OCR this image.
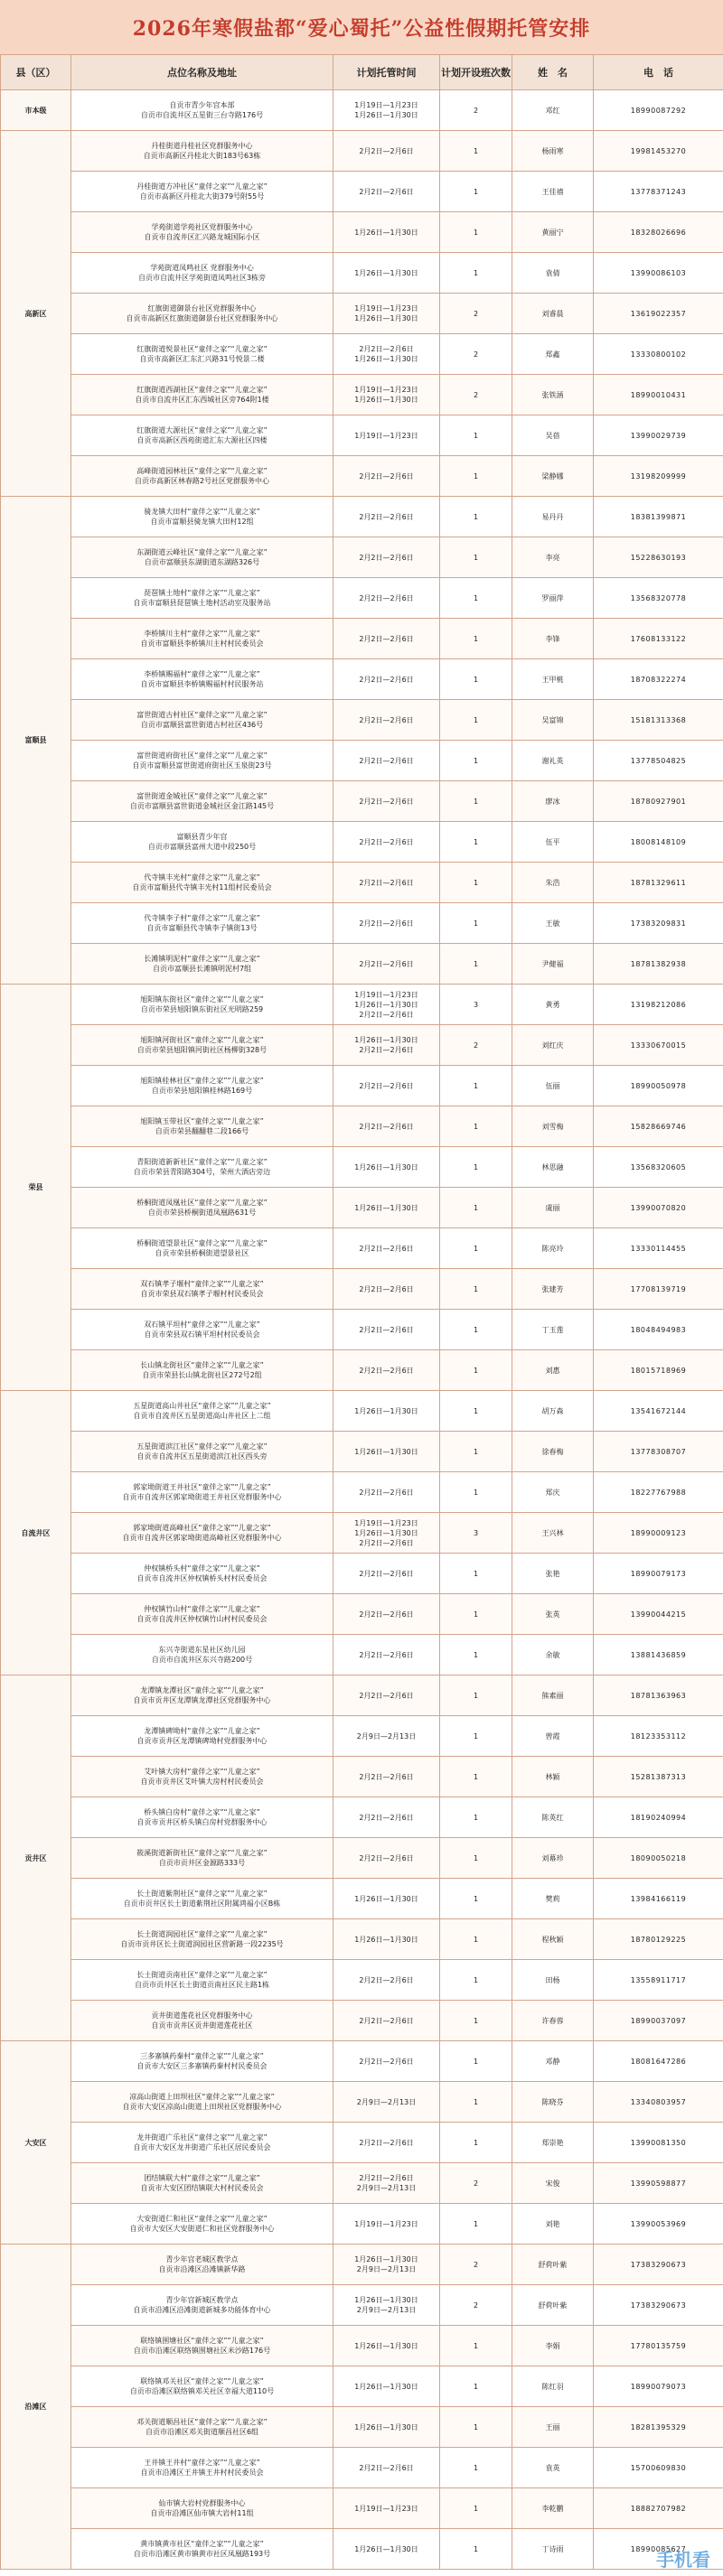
2026年寒假盐都“爱心蜀托”公益性假期托管安排
县（区）	点位名称及地址	计划托管时间	计划开设班次数	姓　名	电　话
市本级	自贡市青少年宫本部
自贡市自流井区五星街三台寺路176号	1月19日—1月23日
1月26日—1月30日	2	邓红	18990087292
高新区	丹桂街道丹桂社区党群服务中心
自贡市高新区丹桂北大街183号63栋	2月2日—2月6日	1	杨雨寒	19981453270
	丹桂街道方冲社区“童伴之家”“儿童之家”
自贡市高新区丹桂北大街379号附55号	2月2日—2月6日	1	王佳禧	13778371243
	学苑街道学苑社区党群服务中心
自贡市自流井区汇兴路龙城国际小区	1月26日—1月30日	1	黄丽宁	18328026696
	学苑街道凤鸣社区 党群服务中心
自贡市自流井区学苑街道凤鸣社区3栋旁	1月26日—1月30日	1	袁倩	13990086103
	红旗街道御景台社区党群服务中心
自贡市高新区红旗街道御景台社区党群服务中心	1月19日—1月23日
1月26日—1月30日	2	刘睿晨	13619022357
	红旗街道悦景社区“童伴之家”“儿童之家”
自贡市高新区汇东汇兴路31号悦景二楼	2月2日—2月6日
1月26日—1月30日	2	郑鑫	13330800102
	红旗街道西湖社区“童伴之家”“儿童之家”
自贡市自流井区汇东西城社区旁764附1楼	1月19日—1月23日
1月26日—1月30日	2	张铁涵	18990010431
	红旗街道大源社区“童伴之家”“儿童之家”
自贡市高新区西苑街道汇东大源社区四楼	1月19日—1月23日	1	吴蓓	13990029739
	高峰街道园林社区“童伴之家”“儿童之家”
自贡市高新区林春路2号社区党群服务中心	2月2日—2月6日	1	梁静娜	13198209999
富顺县	骑龙镇大田村“童伴之家”“儿童之家”
自贡市富顺县骑龙镇大田村12组	2月2日—2月6日	1	易丹丹	18381399871
	东湖街道云峰社区“童伴之家”“儿童之家”
自贡市富顺县东湖街道东湖路326号	2月2日—2月6日	1	李亮	15228630193
	琵琶镇土地村“童伴之家”“儿童之家”
自贡市富顺县琵琶镇土地村活动室及服务站	2月2日—2月6日	1	罗丽萍	13568320778
	李桥镇川主村“童伴之家”“儿童之家”
自贡市富顺县李桥镇川主村村民委员会	2月2日—2月6日	1	李锋	17608133122
	李桥镇赐福村“童伴之家”“儿童之家”
自贡市富顺县李桥镇赐福村村民服务站	2月2日—2月6日	1	王甲桃	18708322274
	富世街道古村社区“童伴之家”“儿童之家”
自贡市富顺县富世街道古村社区436号	2月2日—2月6日	1	吴富锦	15181313368
	富世街道府街社区“童伴之家”“儿童之家”
自贡市富顺县富世街道府街社区玉泉街23号	2月2日—2月6日	1	谢礼英	13778504825
	富世街道金城社区“童伴之家”“儿童之家”
自贡市富顺县富世街道金城社区金江路145号	2月2日—2月6日	1	廖冰	18780927901
	富顺县青少年宫
自贡市富顺县富州大道中段250号	2月2日—2月6日	1	伍平	18008148109
	代寺镇丰光村“童伴之家”“儿童之家”
自贡市富顺县代寺镇丰光村11组村民委员会	2月2日—2月6日	1	朱浩	18781329611
	代寺镇李子村“童伴之家”“儿童之家”
自贡市富顺县代寺镇李子镇街13号	2月2日—2月6日	1	王敏	17383209831
	长滩镇明泥村“童伴之家”“儿童之家”
自贡市富顺县长滩镇明泥村7组	2月2日—2月6日	1	尹健福	18781382938
荣县	旭阳镇东街社区“童伴之家”“儿童之家”
自贡市荣县旭阳镇东街社区光明路259	1月19日—1月23日
1月26日—1月30日
2月2日—2月6日	3	黄勇	13198212086
	旭阳镇河街社区“童伴之家”“儿童之家”
自贡市荣县旭阳镇河街社区杨柳街328号	1月26日—1月30日
2月2日—2月6日	2	刘红庆	13330670015
	旭阳镇桂林社区“童伴之家”“儿童之家”
自贡市荣县旭阳镇桂林路169号	2月2日—2月6日	1	伍丽	18990050978
	旭阳镇玉带社区“童伴之家”“儿童之家”
自贡市荣县翻翻巷二段166号	2月2日—2月6日	1	刘雪梅	15828669746
	青阳街道新新社区“童伴之家”“儿童之家”
自贡市荣县青阳路304号，荣州大酒店旁边	1月26日—1月30日	1	林思融	13568320605
	桥桐街道凤凰社区“童伴之家”“儿童之家”
自贡市荣县桥桐街道凤凰路631号	1月26日—1月30日	1	虞丽	13990070820
	桥桐街道望景社区“童伴之家”“儿童之家”
自贡市荣县桥桐街道望景社区	2月2日—2月6日	1	陈亮玲	13330114455
	双石镇孝子堰村“童伴之家”“儿童之家”
自贡市荣县双石镇孝子堰村村民委员会	2月2日—2月6日	1	张建芳	17708139719
	双石镇平坦村“童伴之家”“儿童之家”
自贡市荣县双石镇平坦村村民委员会	2月2日—2月6日	1	丁玉莲	18048494983
	长山镇北街社区“童伴之家”“儿童之家”
自贡市荣县长山镇北街社区272号2组	2月2日—2月6日	1	刘惠	18015718969
自流井区	五星街道高山井社区“童伴之家”“儿童之家”
自贡市自流井区五星街道高山井社区上二组	1月26日—1月30日	1	胡万森	13541672144
	五星街道滨江社区“童伴之家”“儿童之家”
自贡市自流井区五星街道滨江社区西头旁	1月26日—1月30日	1	徐春梅	13778308707
	郭家坳街道王井社区“童伴之家”“儿童之家”
自贡市自流井区郭家坳街道王井社区党群服务中心	2月2日—2月6日	1	郑庆	18227767988
	郭家坳街道高峰社区“童伴之家”“儿童之家”
自贡市自流井区郭家坳街道高峰社区党群服务中心	1月19日—1月23日
1月26日—1月30日
2月2日—2月6日	3	王兴林	18990009123
	仲权镇桥头村“童伴之家”“儿童之家”
自贡市自流井区仲权镇桥头村村民委员会	2月2日—2月6日	1	张艳	18990079173
	仲权镇竹山村“童伴之家”“儿童之家”
自贡市自流井区仲权镇竹山村村民委员会	2月2日—2月6日	1	张英	13990044215
	东兴寺街道东星社区幼儿园
自贡市自流井区东兴寺路200号	2月2日—2月6日	1	余敏	13881436859
贡井区	龙潭镇龙潭社区“童伴之家”“儿童之家”
自贡市贡井区龙潭镇龙潭社区党群服务中心	2月2日—2月6日	1	熊素丽	18781363963
	龙潭镇碑坳村“童伴之家”“儿童之家”
自贡市贡井区龙潭镇碑坳村党群服务中心	2月9日—2月13日	1	曾霞	18123353112
	艾叶镇大房村“童伴之家”“儿童之家”
自贡市贡井区艾叶镇大房村村民委员会	2月2日—2月6日	1	林颖	15281387313
	桥头镇白房村“童伴之家”“儿童之家”
自贡市贡井区桥头镇白房村党群服务中心	2月2日—2月6日	1	陈英红	18190240994
	筱溪街道新街社区“童伴之家”“儿童之家”
自贡市贡井区金源路333号	2月2日—2月6日	1	刘幕珍	18090050218
	长土街道紫荆社区“童伴之家”“儿童之家”
自贡市贡井区长土街道紫荆社区附属鸿福小区B栋	1月26日—1月30日	1	樊莉	13984166119
	长土街道润园社区“童伴之家”“儿童之家”
自贡市贡井区长土街道润园社区营新路一段2235号	1月26日—1月30日	1	程秋颖	18780129225
	长土街道贡南社区“童伴之家”“儿童之家”
自贡市贡井区长土街道贡南社区民主路1栋	2月2日—2月6日	1	田杨	13558911717
	贡井街道莲花社区党群服务中心
自贡市贡井区贡井街道莲花社区	2月2日—2月6日	1	许春蓉	18990037097
大安区	三多寨镇药秦村“童伴之家”“儿童之家”
自贡市大安区三多寨镇药秦村村民委员会	2月2日—2月6日	1	邓静	18081647286
	凉高山街道上田坝社区“童伴之家”“儿童之家”
自贡市大安区凉高山街道上田坝社区党群服务中心	2月9日—2月13日	1	陈晓芬	13340803957
	龙井街道广乐社区“童伴之家”“儿童之家”
自贡市大安区龙井街道广乐社区居民委员会	2月2日—2月6日	1	郑崇艳	13990081350
	团结镇联大村“童伴之家”“儿童之家”
自贡市大安区团结镇联大村村民委员会	2月2日—2月6日
2月9日—2月13日	2	宋俊	13990598877
	大安街道仁和社区“童伴之家”“儿童之家”
自贡市大安区大安街道仁和社区党群服务中心	1月19日—1月23日	1	刘艳	13990053969
沿滩区	青少年宫老城区教学点
自贡市沿滩区沿滩镇新华路	1月26日—1月30日
2月9日—2月13日	2	舒荷叶紫	17383290673
	青少年宫新城区教学点
自贡市沿滩区沿滩街道新城多功能体育中心	1月26日—1月30日
2月9日—2月13日	2	舒荷叶紫	17383290673
	联络镇围塘社区“童伴之家”“儿童之家”
自贡市沿滩区联络镇围塘社区米沙路176号	1月26日—1月30日	1	李娟	17780135759
	联络镇邓关社区“童伴之家”“儿童之家”
自贡市沿滩区联络镇邓关社区幸福大道110号	1月26日—1月30日	1	陈红羽	18990079073
	邓关街道顺昌社区“童伴之家”“儿童之家”
自贡市沿滩区邓关街道顺昌社区6组	1月26日—1月30日	1	王丽	18281395329
	王井镇王井村“童伴之家”“儿童之家”
自贡市沿滩区王井镇王井村村民委员会	2月2日—2月6日	1	袁英	15700609830
	仙市镇大岩村党群服务中心
自贡市沿滩区仙市镇大岩村11组	1月19日—1月23日	1	李乾鹏	18882707982
	黄市镇黄市社区“童伴之家”“儿童之家”
自贡市沿滩区黄市镇黄市社区凤凰路193号	1月26日—1月30日	1	丁诗雨	18990085627
手机看
